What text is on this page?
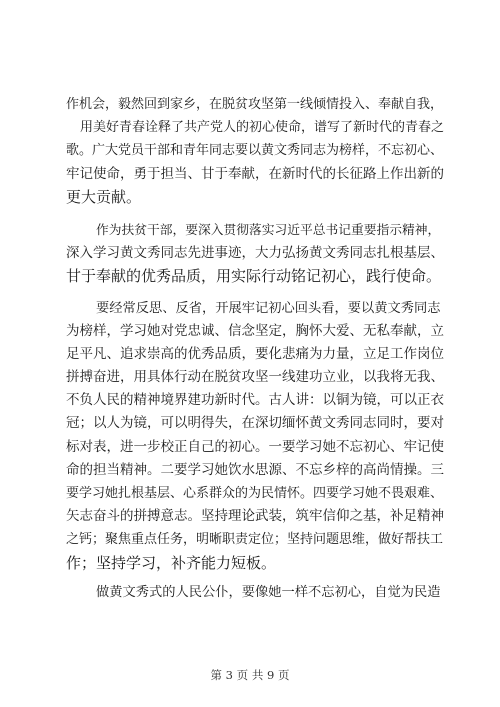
作机会，毅然回到家乡，在脱贫攻坚第一线倾情投入、奉献自我，
用美好青春诠释了共产党人的初心使命，谱写了新时代的青春之
歌。广大党员干部和青年同志要以黄文秀同志为榜样，不忘初心、
牢记使命，勇于担当、甘于奉献，在新时代的长征路上作出新的
更大贡献。
作为扶贫干部，要深入贯彻落实习近平总书记重要指示精神，
深入学习黄文秀同志先进事迹，大力弘扬黄文秀同志扎根基层、
甘于奉献的优秀品质，用实际行动铭记初心，践行使命。
要经常反思、反省，开展牢记初心回头看，要以黄文秀同志
为榜样，学习她对党忠诚、信念坚定，胸怀大爱、无私奉献，立
足平凡、追求崇高的优秀品质，要化悲痛为力量，立足工作岗位
拼搏奋进，用具体行动在脱贫攻坚一线建功立业，以我将无我、
不负人民的精神境界建功新时代。古人讲：以铜为镜，可以正衣
冠；以人为镜，可以明得失，在深切缅怀黄文秀同志同时，要对
标对表，进一步校正自己的初心。一要学习她不忘初心、牢记使
命的担当精神。二要学习她饮水思源、不忘乡梓的高尚情操。三
要学习她扎根基层、心系群众的为民情怀。四要学习她不畏艰难、
矢志奋斗的拼搏意志。坚持理论武装，筑牢信仰之基，补足精神
之钙；聚焦重点任务，明晰职责定位；坚持问题思维，做好帮扶工
作；坚持学习，补齐能力短板。
做黄文秀式的人民公仆，要像她一样不忘初心，自觉为民造
第 3 页 共 9 页
